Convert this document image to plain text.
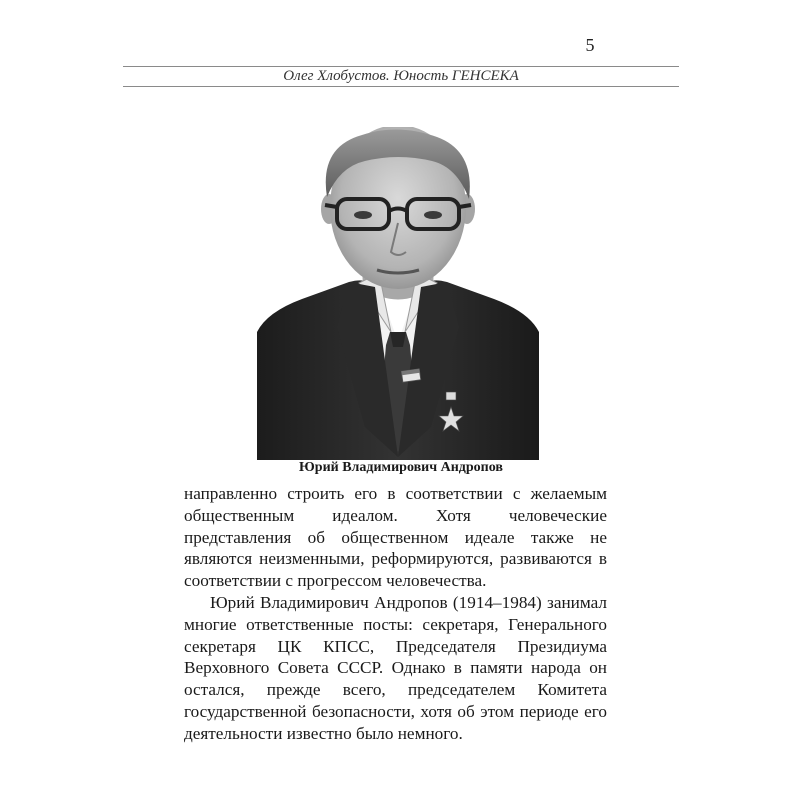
5
Олег Хлобустов. Юность ГЕНСЕКА
Юрий Владимирович Андропов

направленно строить его в соответствии с желаемым общественным идеалом. Хотя человеческие представления об общественном идеале также не являются неизменными, реформируются, развиваются в соответствии с прогрессом человечества.

Юрий Владимирович Андропов (1914–1984) занимал многие ответственные посты: секретаря, Генерального секретаря ЦК КПСС, Председателя Президиума Верховного Совета СССР. Однако в памяти народа он остался, прежде всего, председателем Комитета государственной безопасности, хотя об этом периоде его деятельности известно было немного.
